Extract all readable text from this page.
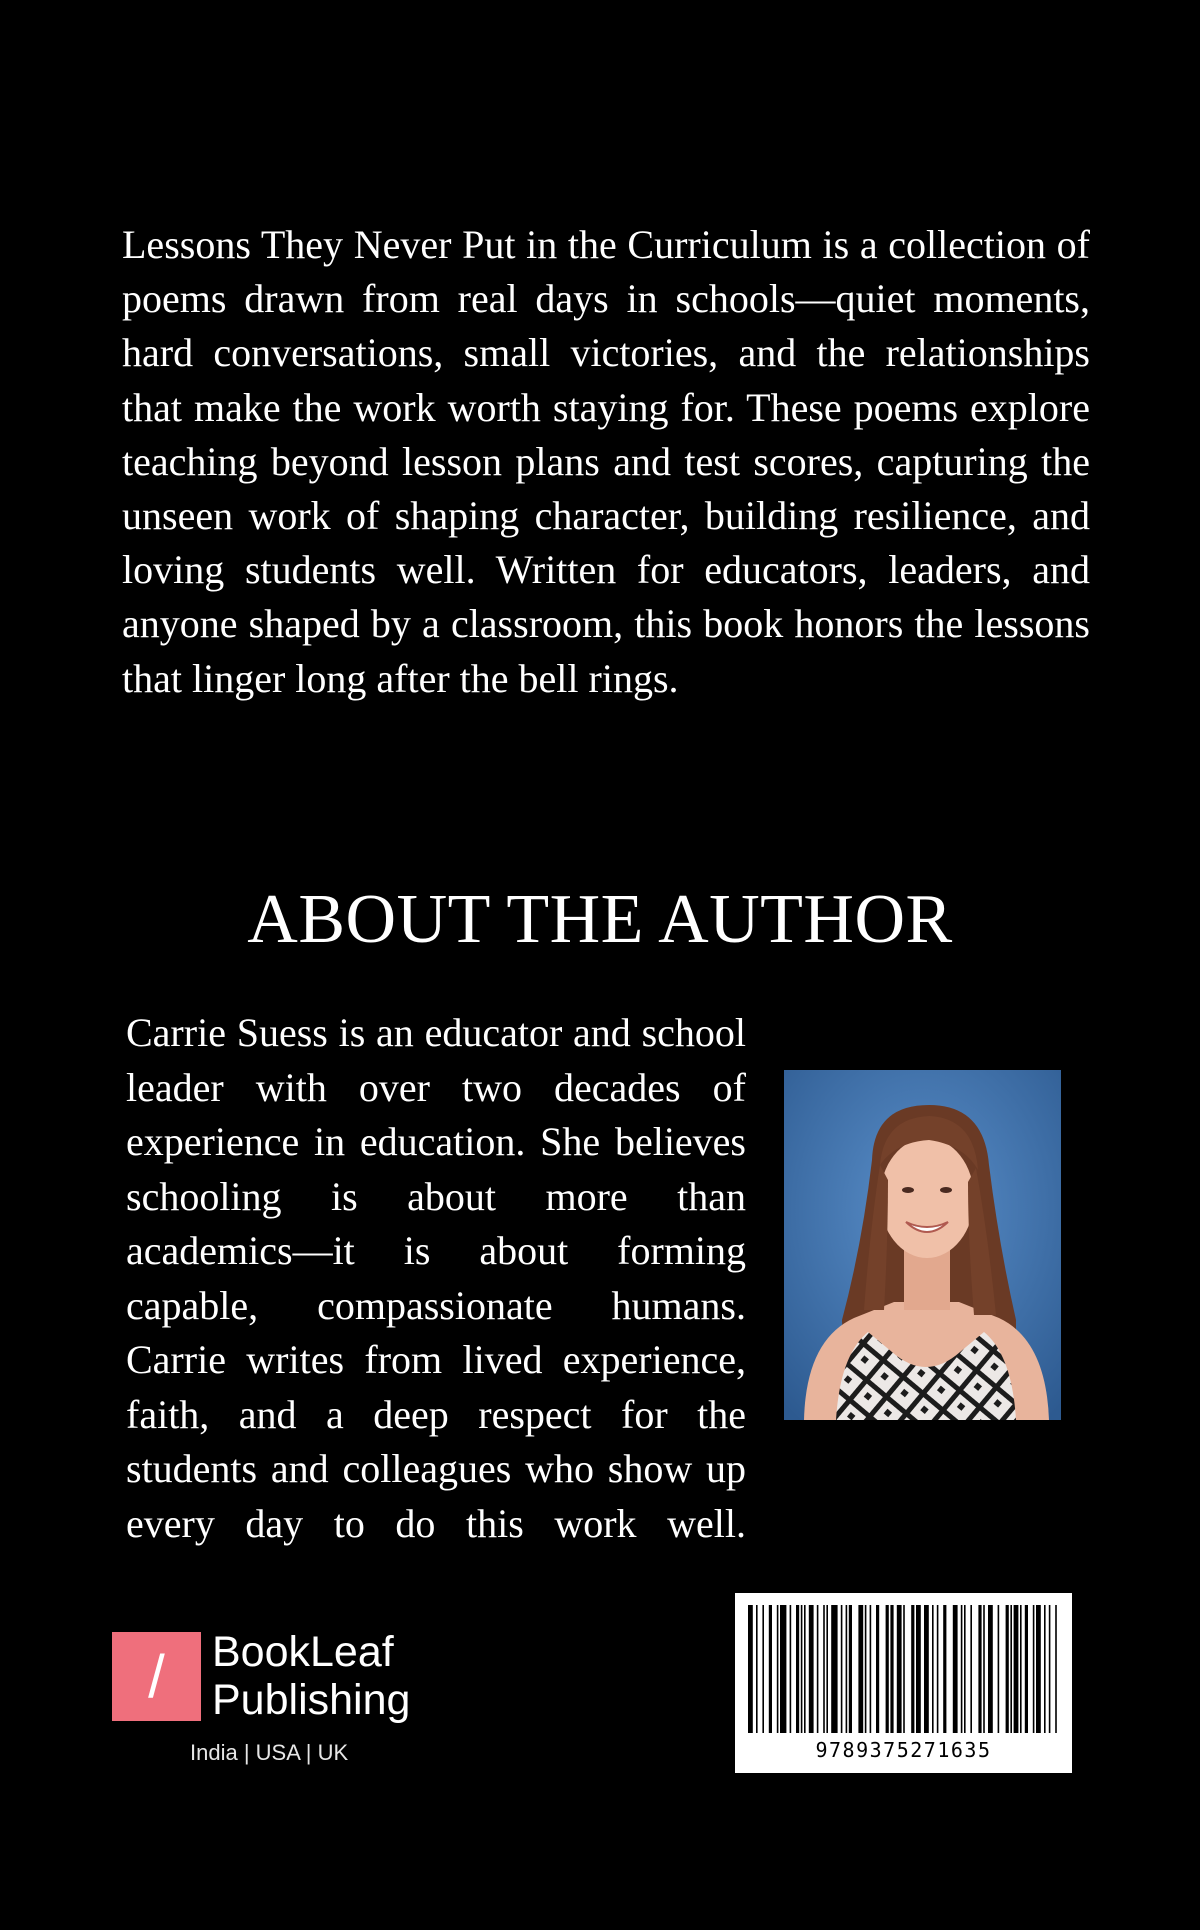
Lessons They Never Put in the Curriculum is a collection of poems drawn from real days in schools—quiet moments, hard conversations, small victories, and the relationships that make the work worth staying for. These poems explore teaching beyond lesson plans and test scores, capturing the unseen work of shaping character, building resilience, and loving students well. Written for educators, leaders, and anyone shaped by a classroom, this book honors the lessons that linger long after the bell rings.

ABOUT THE AUTHOR

Carrie Suess is an educator and school leader with over two decades of experience in education. She believes schooling is about more than academics—it is about forming capable, compassionate humans. Carrie writes from lived experience, faith, and a deep respect for the students and colleagues who show up every day to do this work well.

/	BookLeaf
Publishing
India | USA | UK	9789375271635
